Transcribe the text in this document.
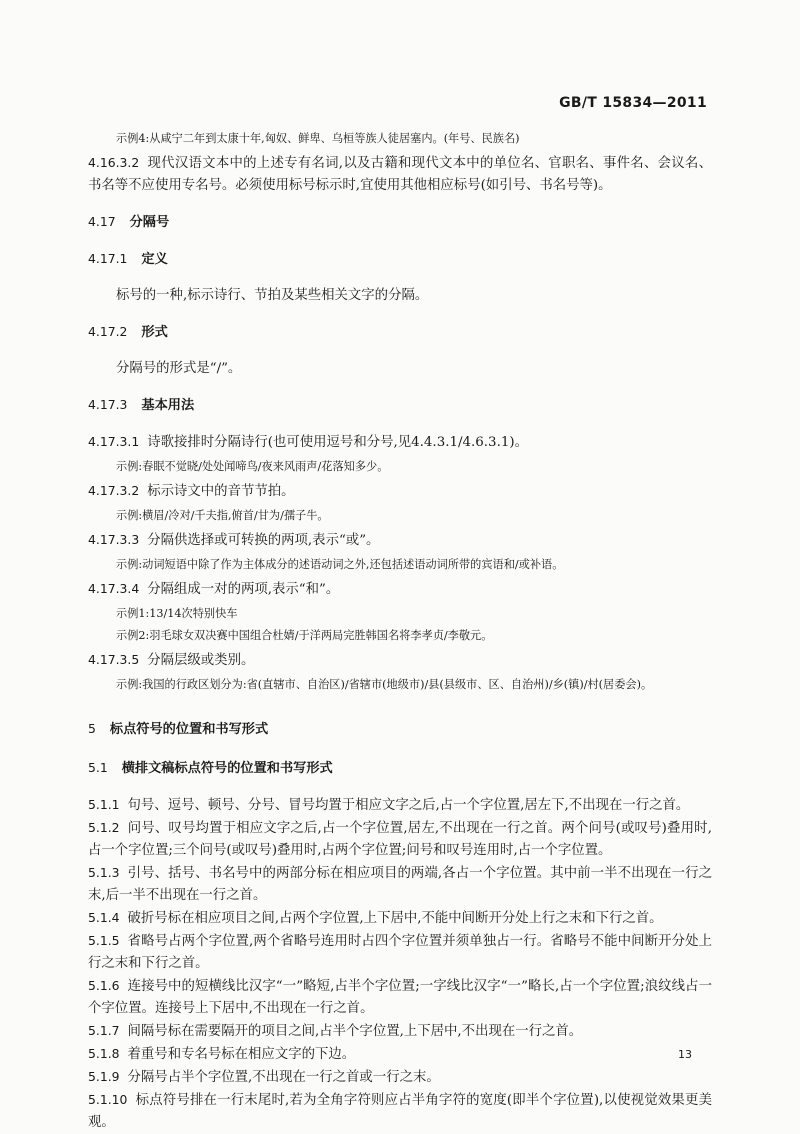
GB/T 15834—2011

示例4:从咸宁二年到太康十年,匈奴、鲜卑、乌桓等族人徒居塞内。(年号、民族名)

4.16.3.2 现代汉语文本中的上述专有名词,以及古籍和现代文本中的单位名、官职名、事件名、会议名、书名等不应使用专名号。必须使用标号标示时,宜使用其他相应标号(如引号、书名号等)。

4.17 分隔号

4.17.1 定义

标号的一种,标示诗行、节拍及某些相关文字的分隔。

4.17.2 形式

分隔号的形式是“/”。

4.17.3 基本用法

4.17.3.1 诗歌接排时分隔诗行(也可使用逗号和分号,见4.4.3.1/4.6.3.1)。

示例:春眠不觉晓/处处闻啼鸟/夜来风雨声/花落知多少。

4.17.3.2 标示诗文中的音节节拍。

示例:横眉/冷对/千夫指,俯首/甘为/孺子牛。

4.17.3.3 分隔供选择或可转换的两项,表示“或”。

示例:动词短语中除了作为主体成分的述语动词之外,还包括述语动词所带的宾语和/或补语。

4.17.3.4 分隔组成一对的两项,表示“和”。

示例1:13/14次特别快车

示例2:羽毛球女双决赛中国组合杜婧/于洋两局完胜韩国名将李孝贞/李敬元。

4.17.3.5 分隔层级或类别。

示例:我国的行政区划分为:省(直辖市、自治区)/省辖市(地级市)/县(县级市、区、自治州)/乡(镇)/村(居委会)。

5 标点符号的位置和书写形式

5.1 横排文稿标点符号的位置和书写形式

5.1.1 句号、逗号、顿号、分号、冒号均置于相应文字之后,占一个字位置,居左下,不出现在一行之首。

5.1.2 问号、叹号均置于相应文字之后,占一个字位置,居左,不出现在一行之首。两个问号(或叹号)叠用时,占一个字位置;三个问号(或叹号)叠用时,占两个字位置;问号和叹号连用时,占一个字位置。

5.1.3 引号、括号、书名号中的两部分标在相应项目的两端,各占一个字位置。其中前一半不出现在一行之末,后一半不出现在一行之首。

5.1.4 破折号标在相应项目之间,占两个字位置,上下居中,不能中间断开分处上行之末和下行之首。

5.1.5 省略号占两个字位置,两个省略号连用时占四个字位置并须单独占一行。省略号不能中间断开分处上行之末和下行之首。

5.1.6 连接号中的短横线比汉字“一”略短,占半个字位置;一字线比汉字“一”略长,占一个字位置;浪纹线占一个字位置。连接号上下居中,不出现在一行之首。

5.1.7 间隔号标在需要隔开的项目之间,占半个字位置,上下居中,不出现在一行之首。

5.1.8 着重号和专名号标在相应文字的下边。

5.1.9 分隔号占半个字位置,不出现在一行之首或一行之末。

5.1.10 标点符号排在一行末尾时,若为全角字符则应占半角字符的宽度(即半个字位置),以使视觉效果更美观。

13
